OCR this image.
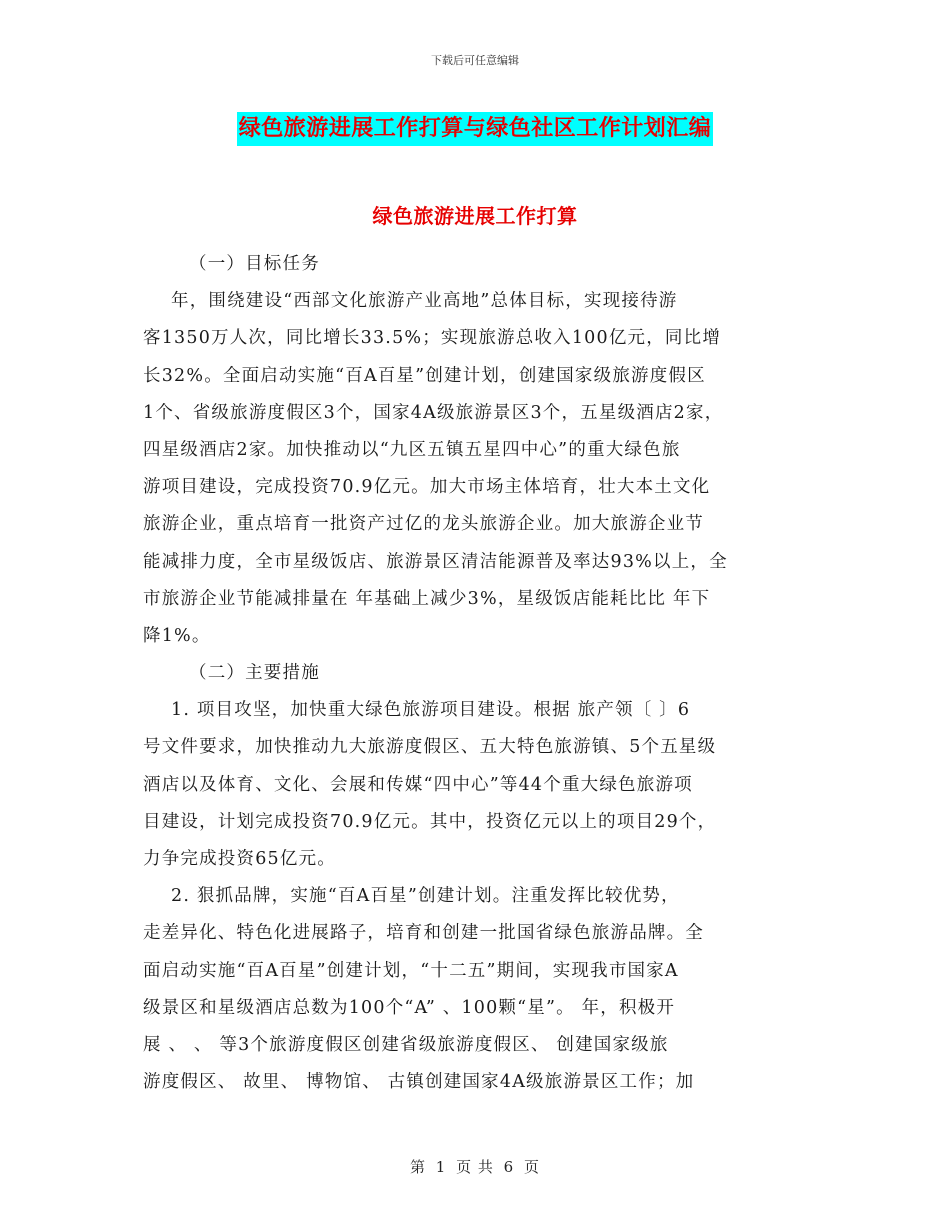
下载后可任意编辑
绿色旅游进展工作打算与绿色社区工作计划汇编
绿色旅游进展工作打算
（一）目标任务
年，围绕建设“西部文化旅游产业高地”总体目标，实现接待游
客1350万人次，同比增长33.5%；实现旅游总收入100亿元，同比增
长32%。全面启动实施“百A百星”创建计划，创建国家级旅游度假区
1个、省级旅游度假区3个，国家4A级旅游景区3个，五星级酒店2家，
四星级酒店2家。加快推动以“九区五镇五星四中心”的重大绿色旅
游项目建设，完成投资70.9亿元。加大市场主体培育，壮大本土文化
旅游企业，重点培育一批资产过亿的龙头旅游企业。加大旅游企业节
能减排力度，全市星级饭店、旅游景区清洁能源普及率达93%以上，全
市旅游企业节能减排量在 年基础上减少3%，星级饭店能耗比比 年下
降1%。
（二）主要措施
1. 项目攻坚，加快重大绿色旅游项目建设。根据 旅产领〔 〕6
号文件要求，加快推动九大旅游度假区、五大特色旅游镇、5个五星级
酒店以及体育、文化、会展和传媒“四中心”等44个重大绿色旅游项
目建设，计划完成投资70.9亿元。其中，投资亿元以上的项目29个，
力争完成投资65亿元。
2. 狠抓品牌，实施“百A百星”创建计划。注重发挥比较优势，
走差异化、特色化进展路子，培育和创建一批国省绿色旅游品牌。全
面启动实施“百A百星”创建计划，“十二五”期间，实现我市国家A
级景区和星级酒店总数为100个“A” 、100颗“星”。 年，积极开
展 、 、 等3个旅游度假区创建省级旅游度假区、 创建国家级旅
游度假区、 故里、 博物馆、 古镇创建国家4A级旅游景区工作；加
第 1 页 共 6 页
